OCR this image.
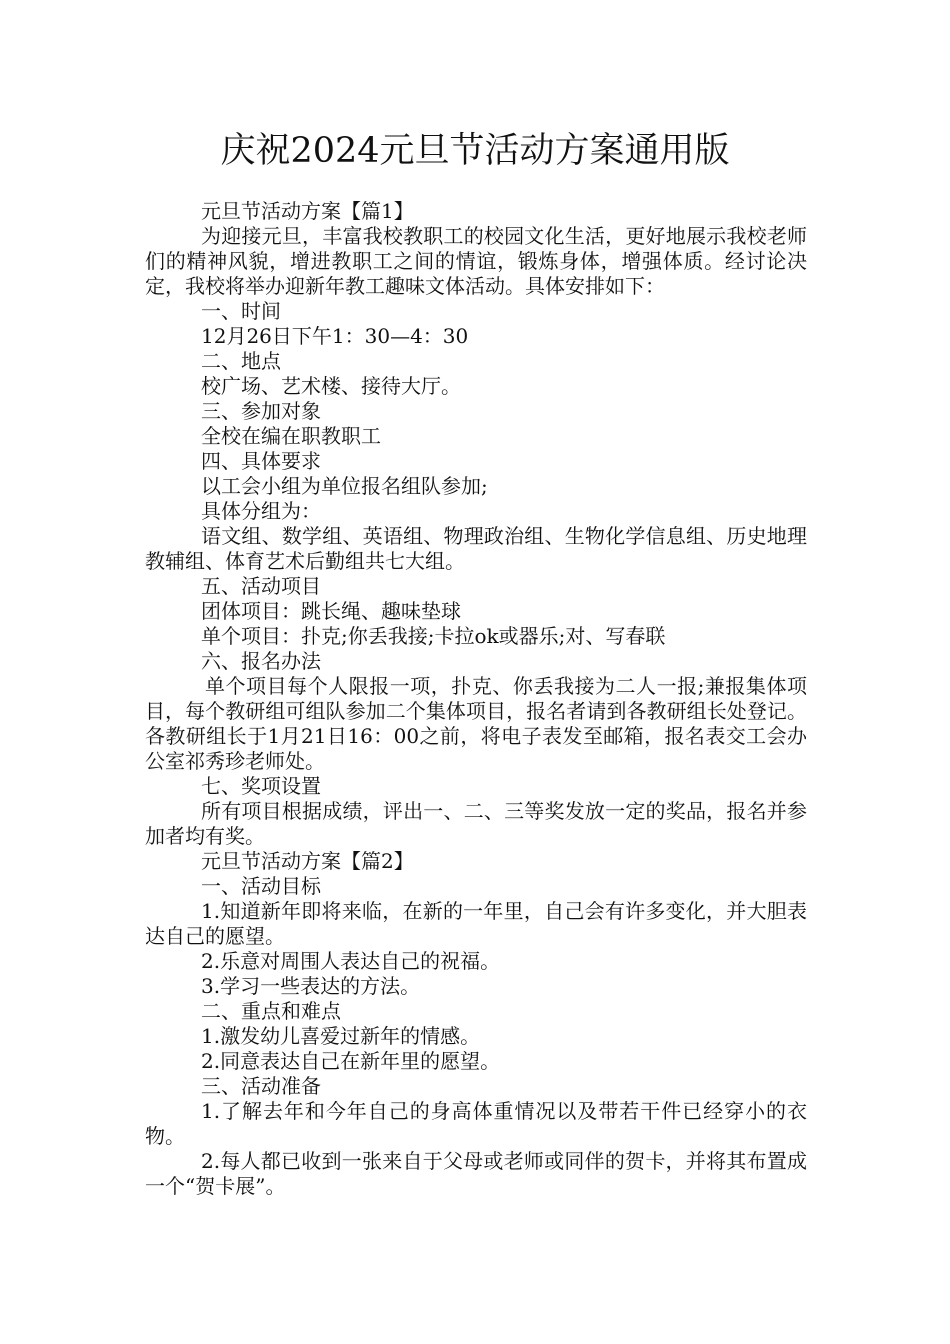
庆祝2024元旦节活动方案通用版

元旦节活动方案【篇1】

为迎接元旦，丰富我校教职工的校园文化生活，更好地展示我校老师们的精神风貌，增进教职工之间的情谊，锻炼身体，增强体质。经讨论决定，我校将举办迎新年教工趣味文体活动。具体安排如下：

一、时间

12月26日下午1：30—4：30

二、地点

校广场、艺术楼、接待大厅。

三、参加对象

全校在编在职教职工

四、具体要求

以工会小组为单位报名组队参加;

具体分组为：

语文组、数学组、英语组、物理政治组、生物化学信息组、历史地理教辅组、体育艺术后勤组共七大组。

五、活动项目

团体项目：跳长绳、趣味垫球

单个项目：扑克;你丢我接;卡拉ok或器乐;对、写春联

六、报名办法

单个项目每个人限报一项，扑克、你丢我接为二人一报;兼报集体项目，每个教研组可组队参加二个集体项目，报名者请到各教研组长处登记。各教研组长于1月21日16：00之前，将电子表发至邮箱，报名表交工会办公室祁秀珍老师处。

七、奖项设置

所有项目根据成绩，评出一、二、三等奖发放一定的奖品，报名并参加者均有奖。

元旦节活动方案【篇2】

一、活动目标

1.知道新年即将来临，在新的一年里，自己会有许多变化，并大胆表达自己的愿望。

2.乐意对周围人表达自己的祝福。

3.学习一些表达的方法。

二、重点和难点

1.激发幼儿喜爱过新年的情感。

2.同意表达自己在新年里的愿望。

三、活动准备

1.了解去年和今年自己的身高体重情况以及带若干件已经穿小的衣物。

2.每人都已收到一张来自于父母或老师或同伴的贺卡，并将其布置成一个“贺卡展”。
